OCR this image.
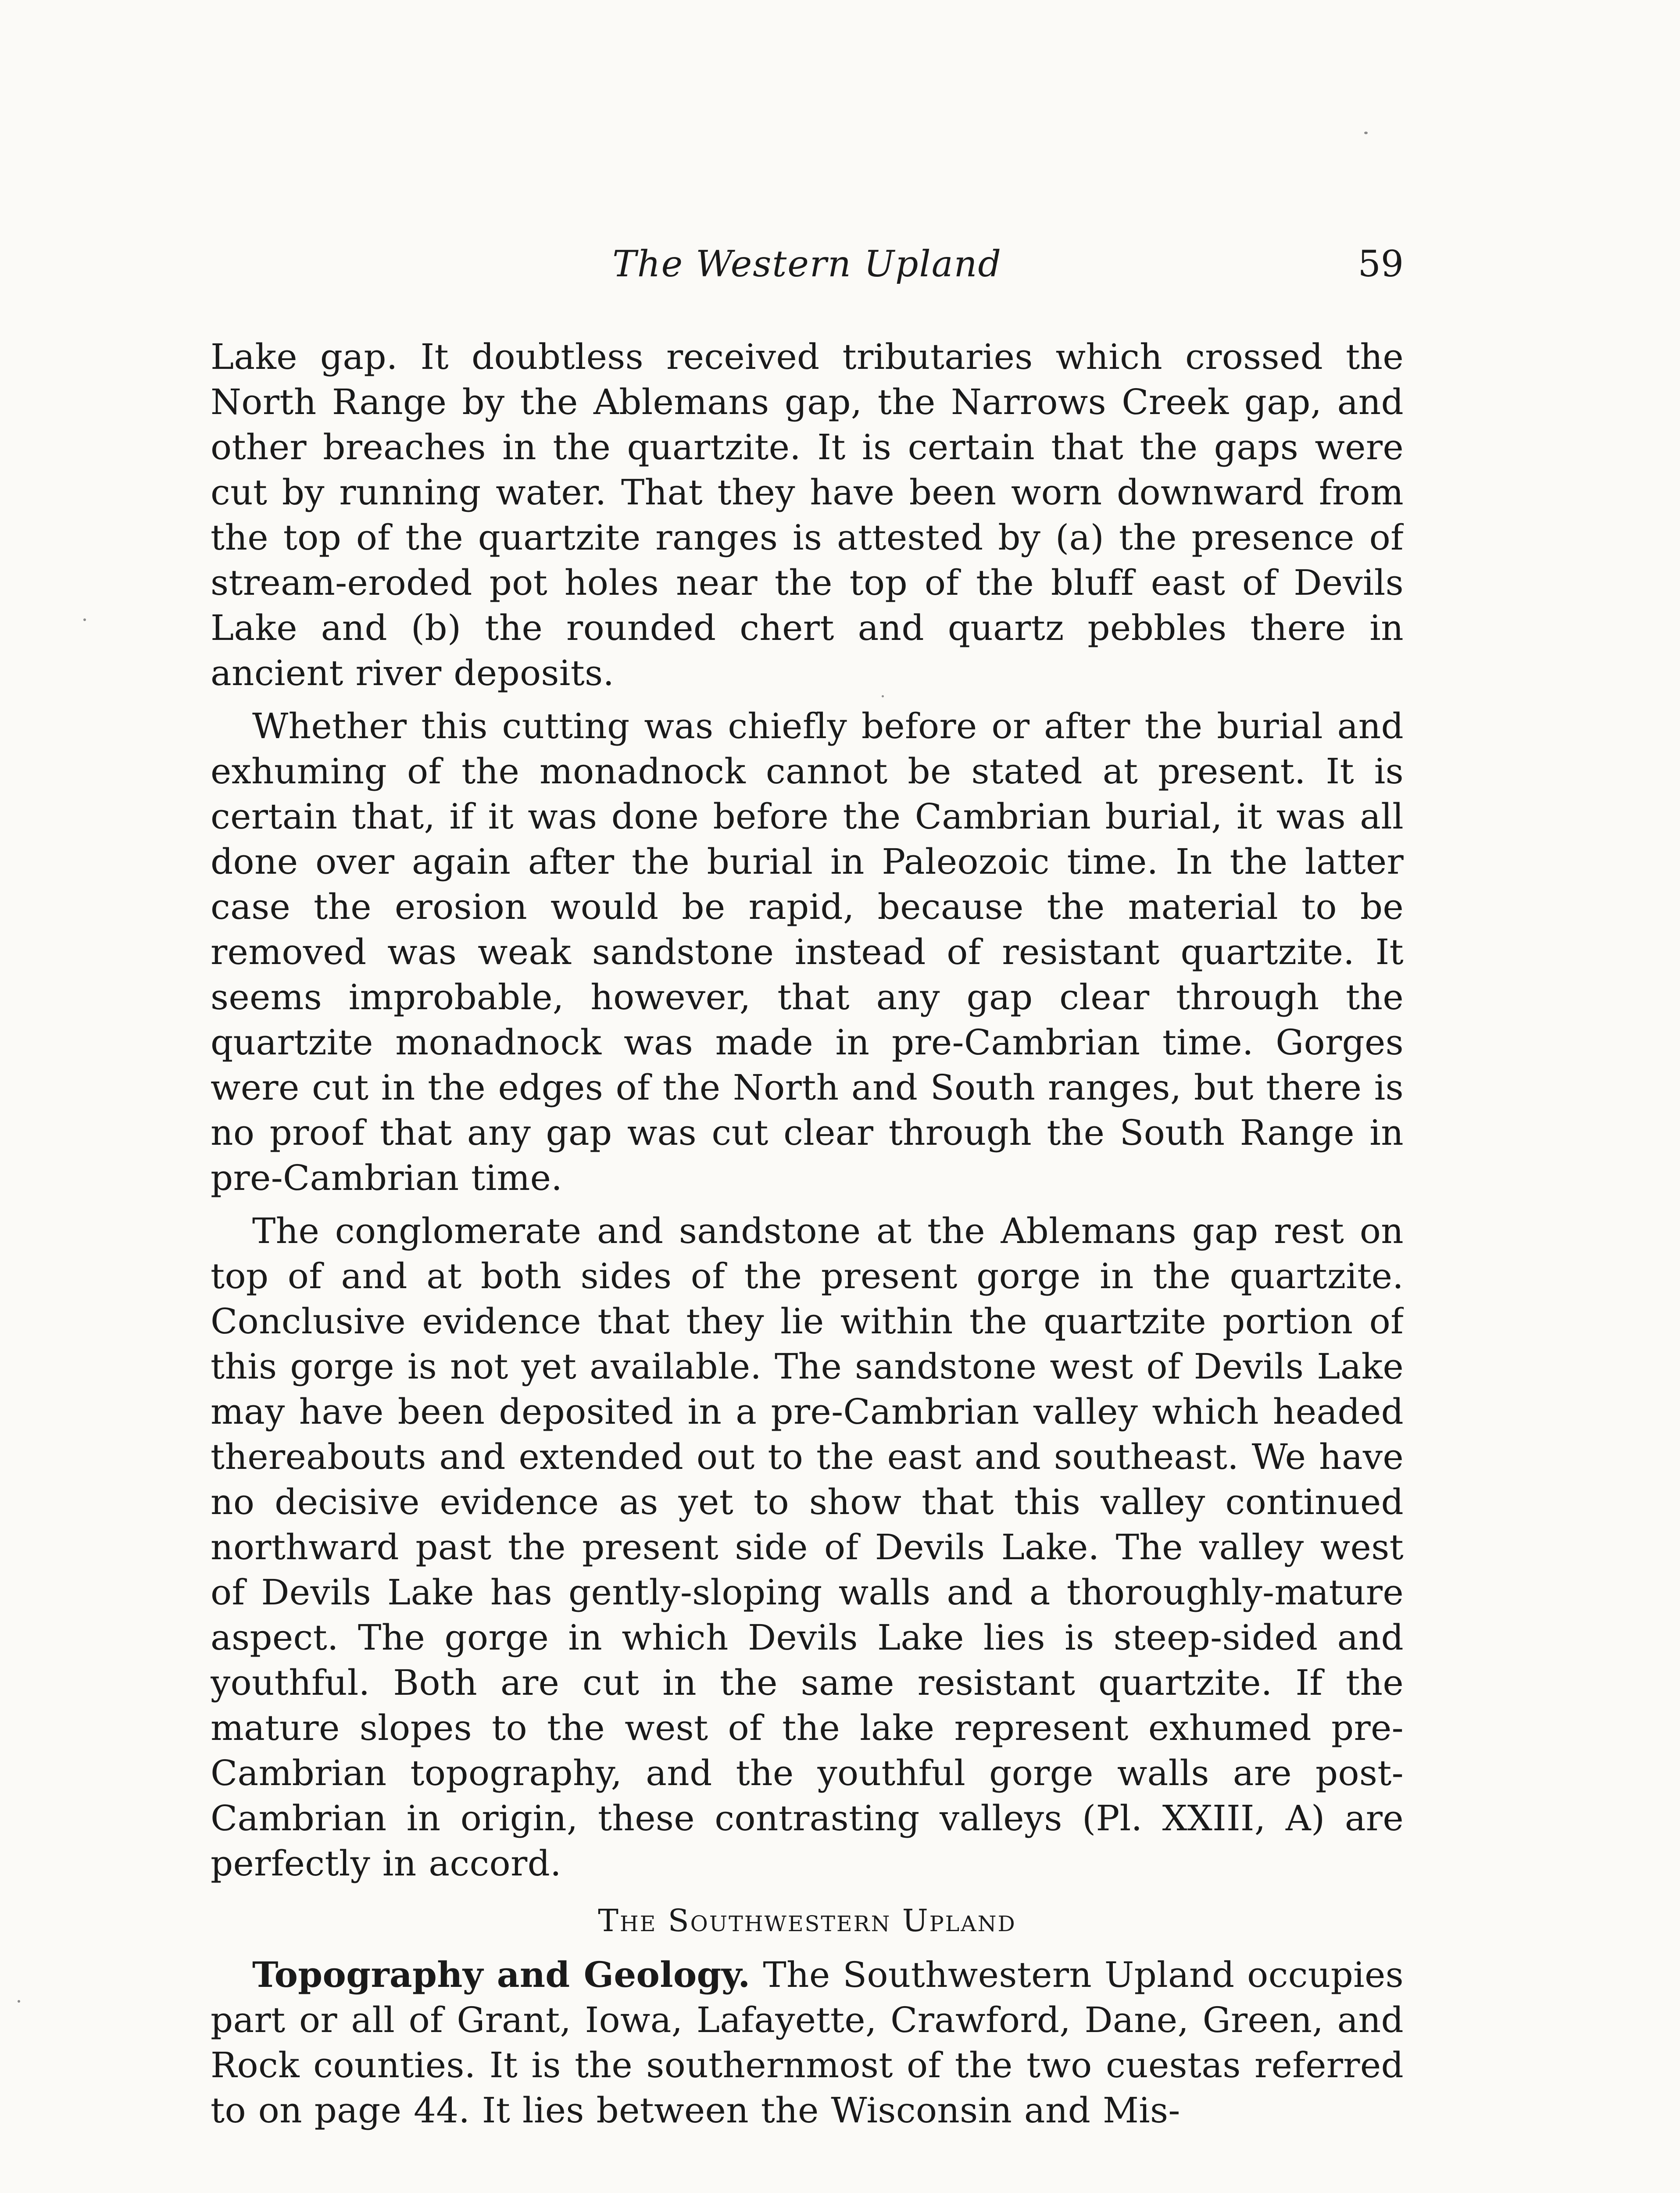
The Western Upland	59

Lake gap. It doubtless received tributaries which crossed the North Range by the Ablemans gap, the Narrows Creek gap, and other breaches in the quartzite. It is certain that the gaps were cut by running water. That they have been worn downward from the top of the quartzite ranges is attested by (a) the presence of stream-eroded pot holes near the top of the bluff east of Devils Lake and (b) the rounded chert and quartz pebbles there in ancient river deposits.

Whether this cutting was chiefly before or after the burial and exhuming of the monadnock cannot be stated at present. It is certain that, if it was done before the Cambrian burial, it was all done over again after the burial in Paleozoic time. In the latter case the erosion would be rapid, because the material to be removed was weak sandstone instead of resistant quartzite. It seems improbable, however, that any gap clear through the quartzite monadnock was made in pre-Cambrian time. Gorges were cut in the edges of the North and South ranges, but there is no proof that any gap was cut clear through the South Range in pre-Cambrian time.

The conglomerate and sandstone at the Ablemans gap rest on top of and at both sides of the present gorge in the quartzite. Conclusive evidence that they lie within the quartzite portion of this gorge is not yet available. The sandstone west of Devils Lake may have been deposited in a pre-Cambrian valley which headed thereabouts and extended out to the east and southeast. We have no decisive evidence as yet to show that this valley continued northward past the present side of Devils Lake. The valley west of Devils Lake has gently-sloping walls and a thoroughly-mature aspect. The gorge in which Devils Lake lies is steep-sided and youthful. Both are cut in the same resistant quartzite. If the mature slopes to the west of the lake represent exhumed pre-Cambrian topography, and the youthful gorge walls are post-Cambrian in origin, these contrasting valleys (Pl. XXIII, A) are perfectly in accord.

The Southwestern Upland

Topography and Geology. The Southwestern Upland occupies part or all of Grant, Iowa, Lafayette, Crawford, Dane, Green, and Rock counties. It is the southernmost of the two cuestas referred to on page 44. It lies between the Wisconsin and Mis-
